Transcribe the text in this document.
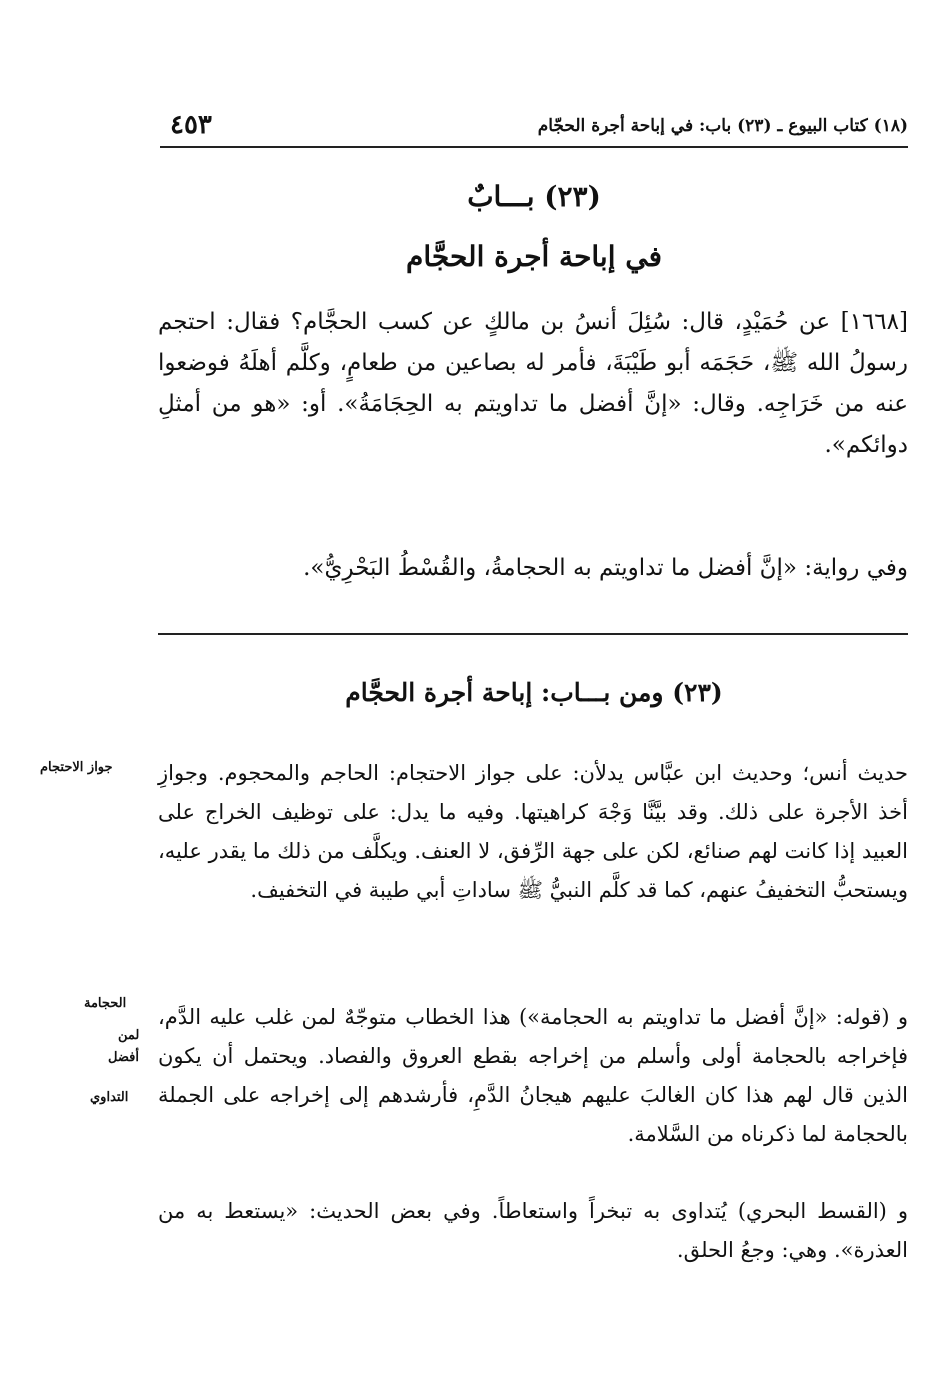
٤٥٣	(١٨) كتاب البيوع ـ (٢٣) باب: في إباحة أجرة الحجّام
(٢٣) بـــابٌ
في إباحة أجرة الحجَّام

[١٦٦٨] عن حُمَيْدٍ، قال: سُئِلَ أنسُ بن مالكٍ عن كسب الحجَّام؟ فقال: احتجم رسولُ الله ﷺ، حَجَمَه أبو طَيْبَةَ، فأمر له بصاعين من طعامٍ، وكلَّم أهلَهُ فوضعوا عنه من خَرَاجِه. وقال: «إنَّ أفضل ما تداويتم به الحِجَامَةُ». أو: «هو من أمثلِ دوائكم».

وفي رواية: «إنَّ أفضل ما تداويتم به الحجامةُ، والقُسْطُ البَحْرِيُّ».

(٢٣) ومن بـــاب: إباحة أجرة الحجَّام

حديث أنس؛ وحديث ابن عبَّاس يدلأن: على جواز الاحتجام: الحاجم والمحجوم. وجوازِ أخذ الأجرة على ذلك. وقد بيَّنَّا وَجْهَ كراهيتها. وفيه ما يدل: على توظيف الخراج على العبيد إذا كانت لهم صنائع، لكن على جهة الرِّفق، لا العنف. ويكلَّف من ذلك ما يقدر عليه، ويستحبُّ التخفيفُ عنهم، كما قد كلَّم النبيُّ ﷺ ساداتِ أبي طيبة في التخفيف.

و (قوله: «إنَّ أفضل ما تداويتم به الحجامة») هذا الخطاب متوجّهٌ لمن غلب عليه الدَّم، فإخراجه بالحجامة أولى وأسلم من إخراجه بقطع العروق والفصاد. ويحتمل أن يكون الذين قال لهم هذا كان الغالبَ عليهم هيجانُ الدَّمِ، فأرشدهم إلى إخراجه على الجملة بالحجامة لما ذكرناه من السَّلامة.

و (القسط البحري) يُتداوى به تبخراً واستعاطاً. وفي بعض الحديث: «يستعط به من العذرة». وهي: وجعُ الحلق.

جواز الاحتجام
الحجامة
لمن
أفضل
التداوي
